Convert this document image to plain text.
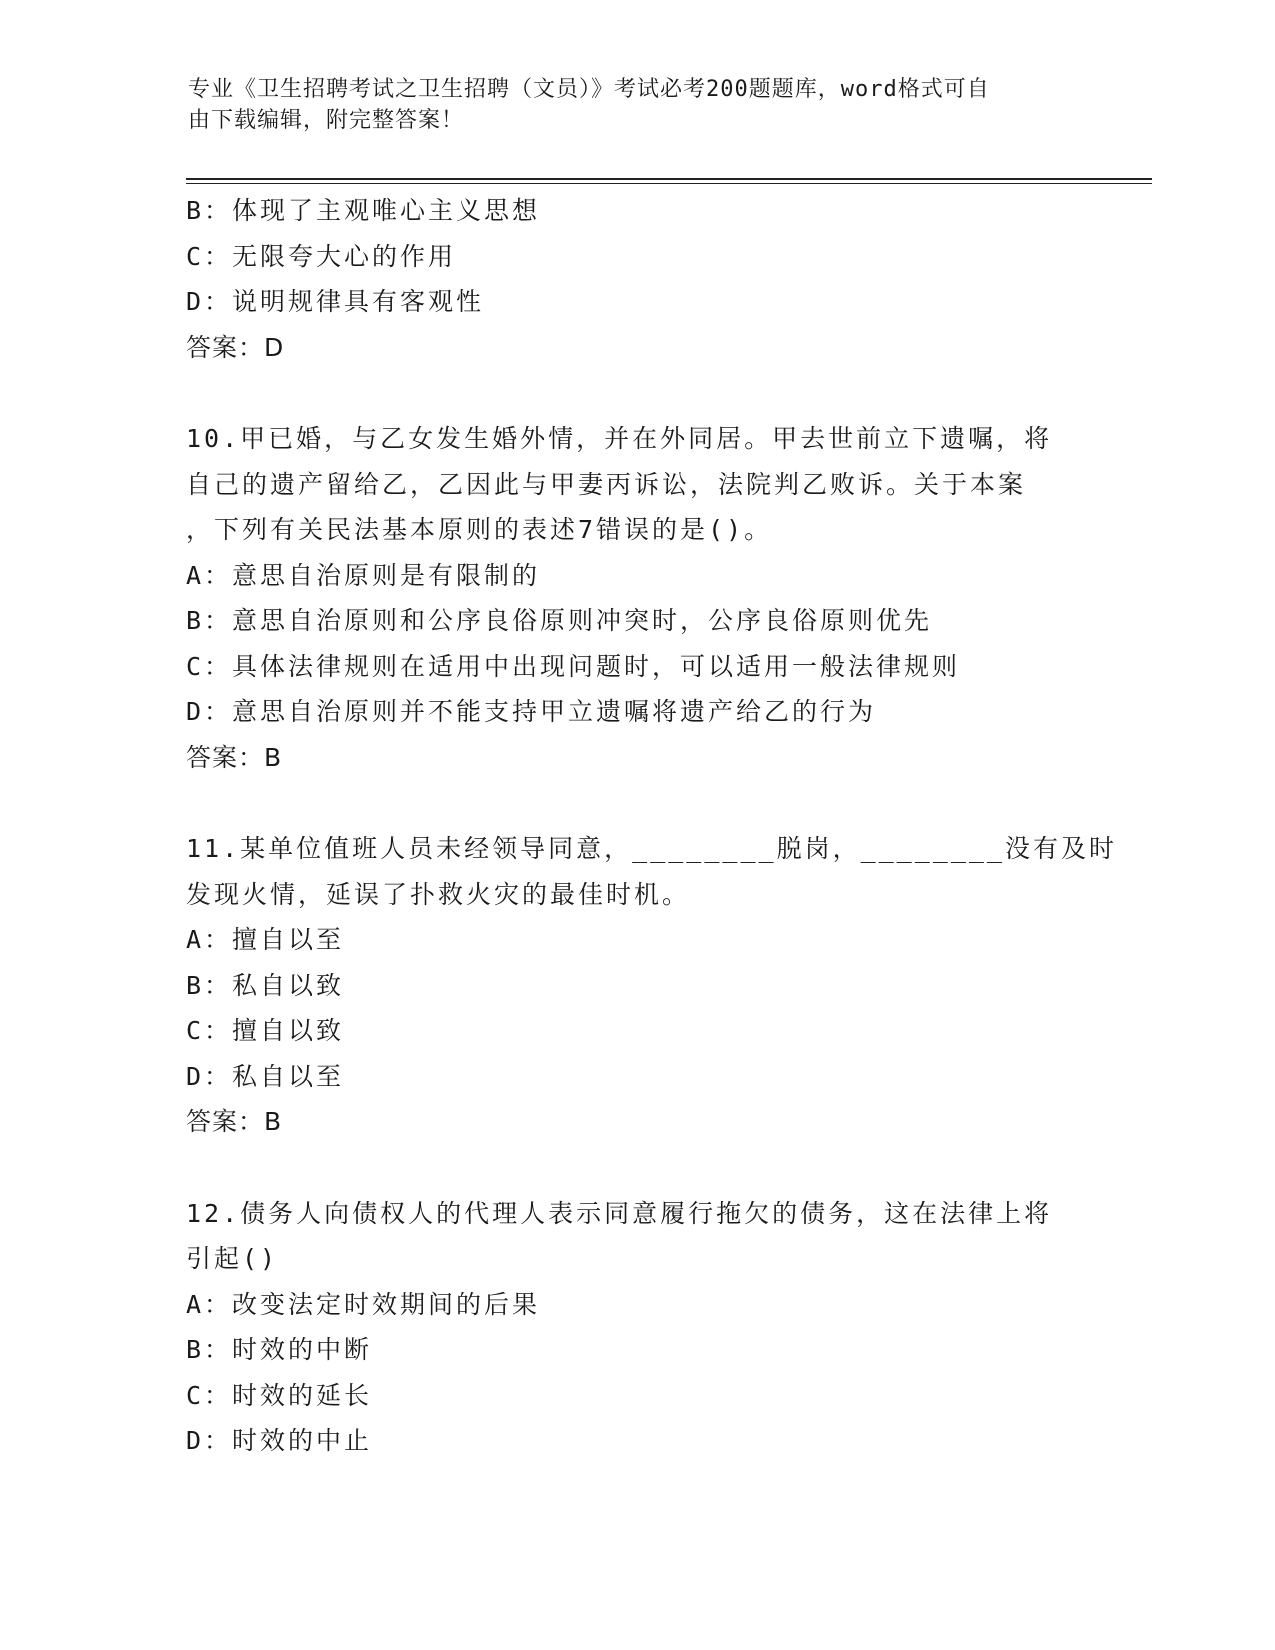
专业《卫生招聘考试之卫生招聘（文员）》考试必考200题题库，word格式可自
由下载编辑，附完整答案！
B：体现了主观唯心主义思想
C：无限夸大心的作用
D：说明规律具有客观性
答案：D
10.甲已婚，与乙女发生婚外情，并在外同居。甲去世前立下遗嘱，将
自己的遗产留给乙，乙因此与甲妻丙诉讼，法院判乙败诉。关于本案
，下列有关民法基本原则的表述7错误的是()。
A：意思自治原则是有限制的
B：意思自治原则和公序良俗原则冲突时，公序良俗原则优先
C：具体法律规则在适用中出现问题时，可以适用一般法律规则
D：意思自治原则并不能支持甲立遗嘱将遗产给乙的行为
答案：B
11.某单位值班人员未经领导同意，________脱岗，________没有及时
发现火情，延误了扑救火灾的最佳时机。
A：擅自以至
B：私自以致
C：擅自以致
D：私自以至
答案：B
12.债务人向债权人的代理人表示同意履行拖欠的债务，这在法律上将
引起()
A：改变法定时效期间的后果
B：时效的中断
C：时效的延长
D：时效的中止
